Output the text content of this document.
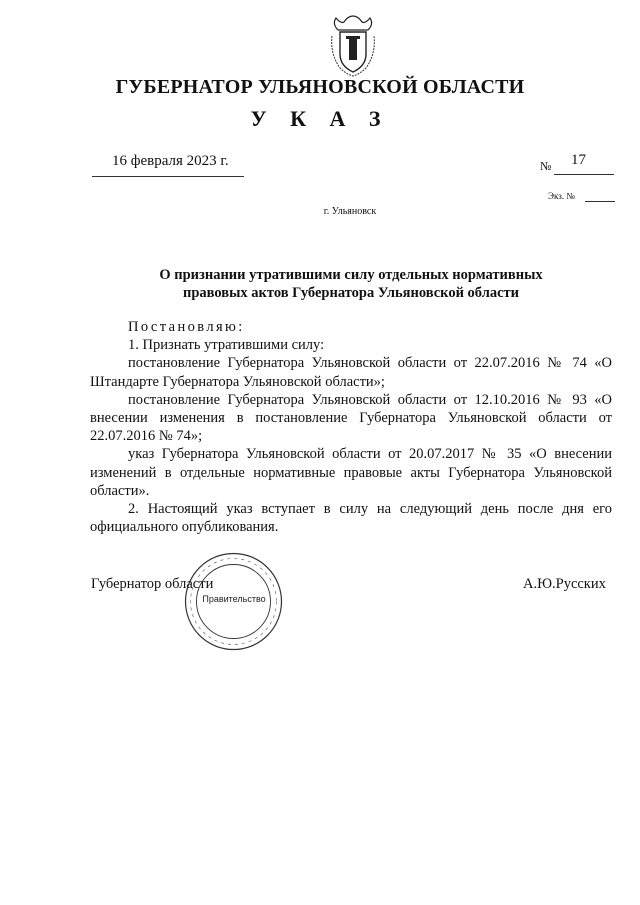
ГУБЕРНАТОР УЛЬЯНОВСКОЙ ОБЛАСТИ
У К А З
16 февраля 2023 г.	№ 17
Экз. №
г. Ульяновск
О признании утратившими силу отдельных нормативных
правовых актов Губернатора Ульяновской области

Постановляю:

1. Признать утратившими силу:

постановление Губернатора Ульяновской области от 22.07.2016 № 74 «О Штандарте Губернатора Ульяновской области»;

постановление Губернатора Ульяновской области от 12.10.2016 № 93 «О внесении изменения в постановление Губернатора Ульяновской области от 22.07.2016 № 74»;

указ Губернатора Ульяновской области от 20.07.2017 № 35 «О внесении изменений в отдельные нормативные правовые акты Губернатора Ульяновской области».

2. Настоящий указ вступает в силу на следующий день после дня его официального опубликования.

Губернатор области	А.Ю.Русских
Правительство
